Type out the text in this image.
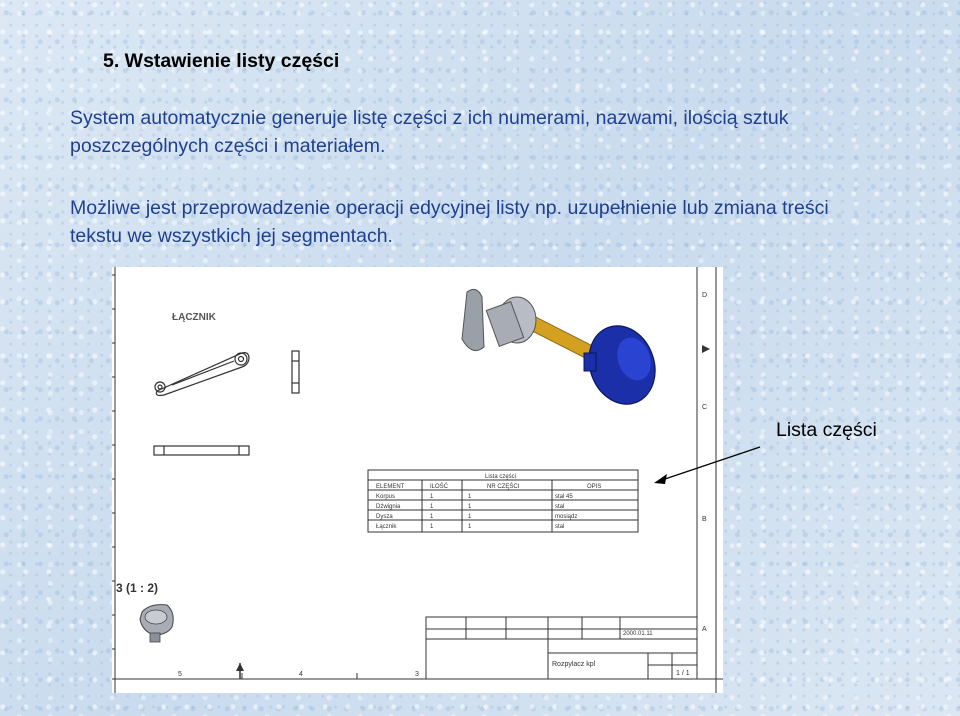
5. Wstawienie listy części

System automatycznie generuje listę części z ich numerami, nazwami, ilością sztuk poszczególnych części i materiałem.

Możliwe jest przeprowadzenie operacji edycyjnej listy np. uzupełnienie lub zmiana treści tekstu we wszystkich jej segmentach.

5	4	3
D
C
B
A
ŁĄCZNIK
Lista części
ELEMENT	ILOŚĆ	NR CZĘŚCI	OPIS
Korpus	1	1	stal 45
Dźwignia	1	1	stal
Dysza	1	1	mosiądz
Łącznik	1	1	stal
3 (1 : 2)
2000.01.11
Rozpylacz kpl
1 / 1

Lista części
